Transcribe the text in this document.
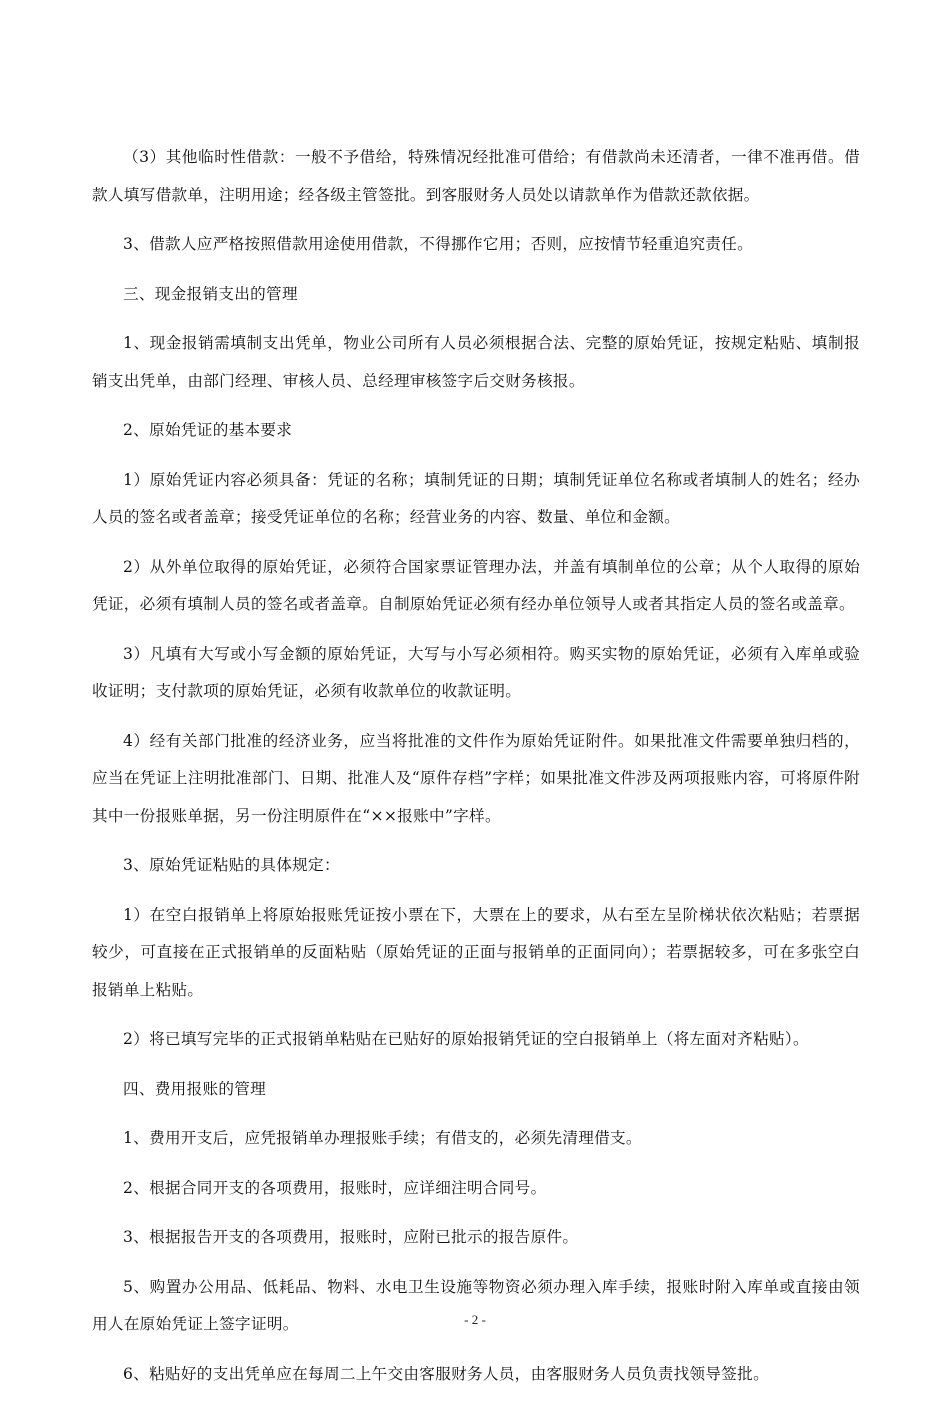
（3）其他临时性借款：一般不予借给，特殊情况经批准可借给；有借款尚未还清者，一律不准再借。借款人填写借款单，注明用途；经各级主管签批。到客服财务人员处以请款单作为借款还款依据。

3、借款人应严格按照借款用途使用借款，不得挪作它用；否则，应按情节轻重追究责任。

三、现金报销支出的管理

1、现金报销需填制支出凭单，物业公司所有人员必须根据合法、完整的原始凭证，按规定粘贴、填制报销支出凭单，由部门经理、审核人员、总经理审核签字后交财务核报。

2、原始凭证的基本要求

1）原始凭证内容必须具备：凭证的名称；填制凭证的日期；填制凭证单位名称或者填制人的姓名；经办人员的签名或者盖章；接受凭证单位的名称；经营业务的内容、数量、单位和金额。

2）从外单位取得的原始凭证，必须符合国家票证管理办法，并盖有填制单位的公章；从个人取得的原始凭证，必须有填制人员的签名或者盖章。自制原始凭证必须有经办单位领导人或者其指定人员的签名或盖章。

3）凡填有大写或小写金额的原始凭证，大写与小写必须相符。购买实物的原始凭证，必须有入库单或验收证明；支付款项的原始凭证，必须有收款单位的收款证明。

4）经有关部门批准的经济业务，应当将批准的文件作为原始凭证附件。如果批准文件需要单独归档的，应当在凭证上注明批准部门、日期、批准人及“原件存档”字样；如果批准文件涉及两项报账内容，可将原件附其中一份报账单据，另一份注明原件在“××报账中”字样。

3、原始凭证粘贴的具体规定：

1）在空白报销单上将原始报账凭证按小票在下，大票在上的要求，从右至左呈阶梯状依次粘贴；若票据较少，可直接在正式报销单的反面粘贴（原始凭证的正面与报销单的正面同向）；若票据较多，可在多张空白报销单上粘贴。

2）将已填写完毕的正式报销单粘贴在已贴好的原始报销凭证的空白报销单上（将左面对齐粘贴）。

四、费用报账的管理

1、费用开支后，应凭报销单办理报账手续；有借支的，必须先清理借支。

2、根据合同开支的各项费用，报账时，应详细注明合同号。

3、根据报告开支的各项费用，报账时，应附已批示的报告原件。

5、购置办公用品、低耗品、物料、水电卫生设施等物资必须办理入库手续，报账时附入库单或直接由领用人在原始凭证上签字证明。

6、粘贴好的支出凭单应在每周二上午交由客服财务人员，由客服财务人员负责找领导签批。

- 2 -
